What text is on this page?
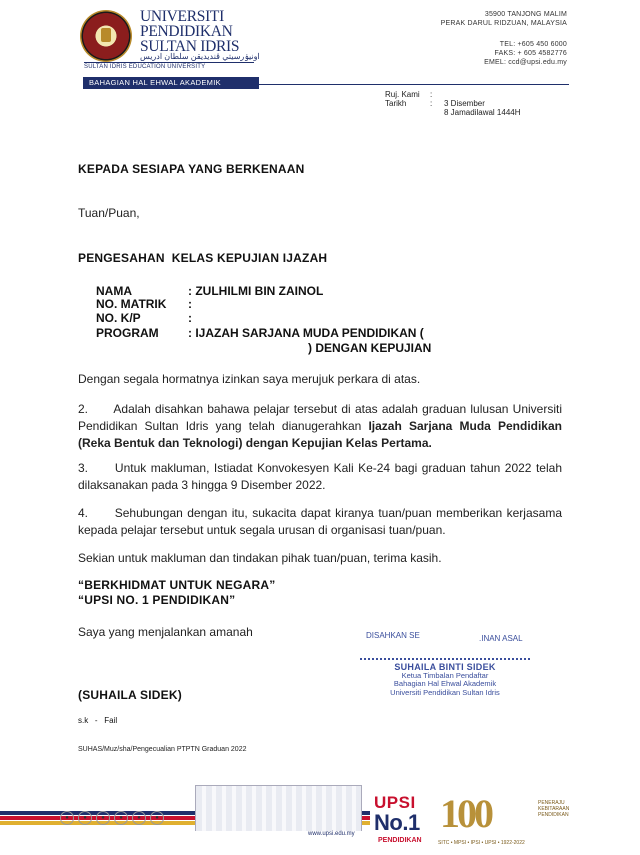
UNIVERSITI
PENDIDIKAN
SULTAN IDRIS
اونيۏرسيتي ڤنديديقن سلطان ادريس
SULTAN IDRIS EDUCATION UNIVERSITY
35900 TANJONG MALIM
PERAK DARUL RIDZUAN, MALAYSIA
TEL: +605 450 6000
FAKS: + 605 4582776
EMEL: ccd@upsi.edu.my
BAHAGIAN HAL EHWAL AKADEMIK
Ruj. Kami :
Tarikh	: 3 Disember
8 Jamadilawal 1444H
KEPADA SESIAPA YANG BERKENAAN
Tuan/Puan,
PENGESAHAN  KELAS KEPUJIAN IJAZAH
NAMA	: ZULHILMI BIN ZAINOL
NO. MATRIK :
NO. K/P	:
PROGRAM : IJAZAH SARJANA MUDA PENDIDIKAN (
) DENGAN KEPUJIAN
Dengan segala hormatnya izinkan saya merujuk perkara di atas.
2.      Adalah disahkan bahawa pelajar tersebut di atas adalah graduan lulusan Universiti Pendidikan Sultan Idris yang telah dianugerahkan Ijazah Sarjana Muda Pendidikan (Reka Bentuk dan Teknologi) dengan Kepujian Kelas Pertama.
3.      Untuk makluman, Istiadat Konvokesyen Kali Ke-24 bagi graduan tahun 2022 telah dilaksanakan pada 3 hingga 9 Disember 2022.
4.      Sehubungan dengan itu, sukacita dapat kiranya tuan/puan memberikan kerjasama kepada pelajar tersebut untuk segala urusan di organisasi tuan/puan.
Sekian untuk makluman dan tindakan pihak tuan/puan, terima kasih.
“BERKHIDMAT UNTUK NEGARA”
“UPSI NO. 1 PENDIDIKAN”
Saya yang menjalankan amanah	DISAHKAN SE	.INAN ASAL
SUHAILA BINTI SIDEK
Ketua Timbalan Pendaftar
Bahagian Hal Ehwal Akademik
Universiti Pendidikan Sultan Idris
(SUHAILA SIDEK)
s.k   -   Fail
SUHAS/Muz/sha/Pengecualian PTPTN Graduan 2022
●	●	●	●	●	●
www.upsi.edu.my
UPSI
No.1
PENDIDIKAN
100	PENERAJU KEBITARAAN PENDIDIKAN
SITC • MPSI • IPSI • UPSI • 1922-2022
